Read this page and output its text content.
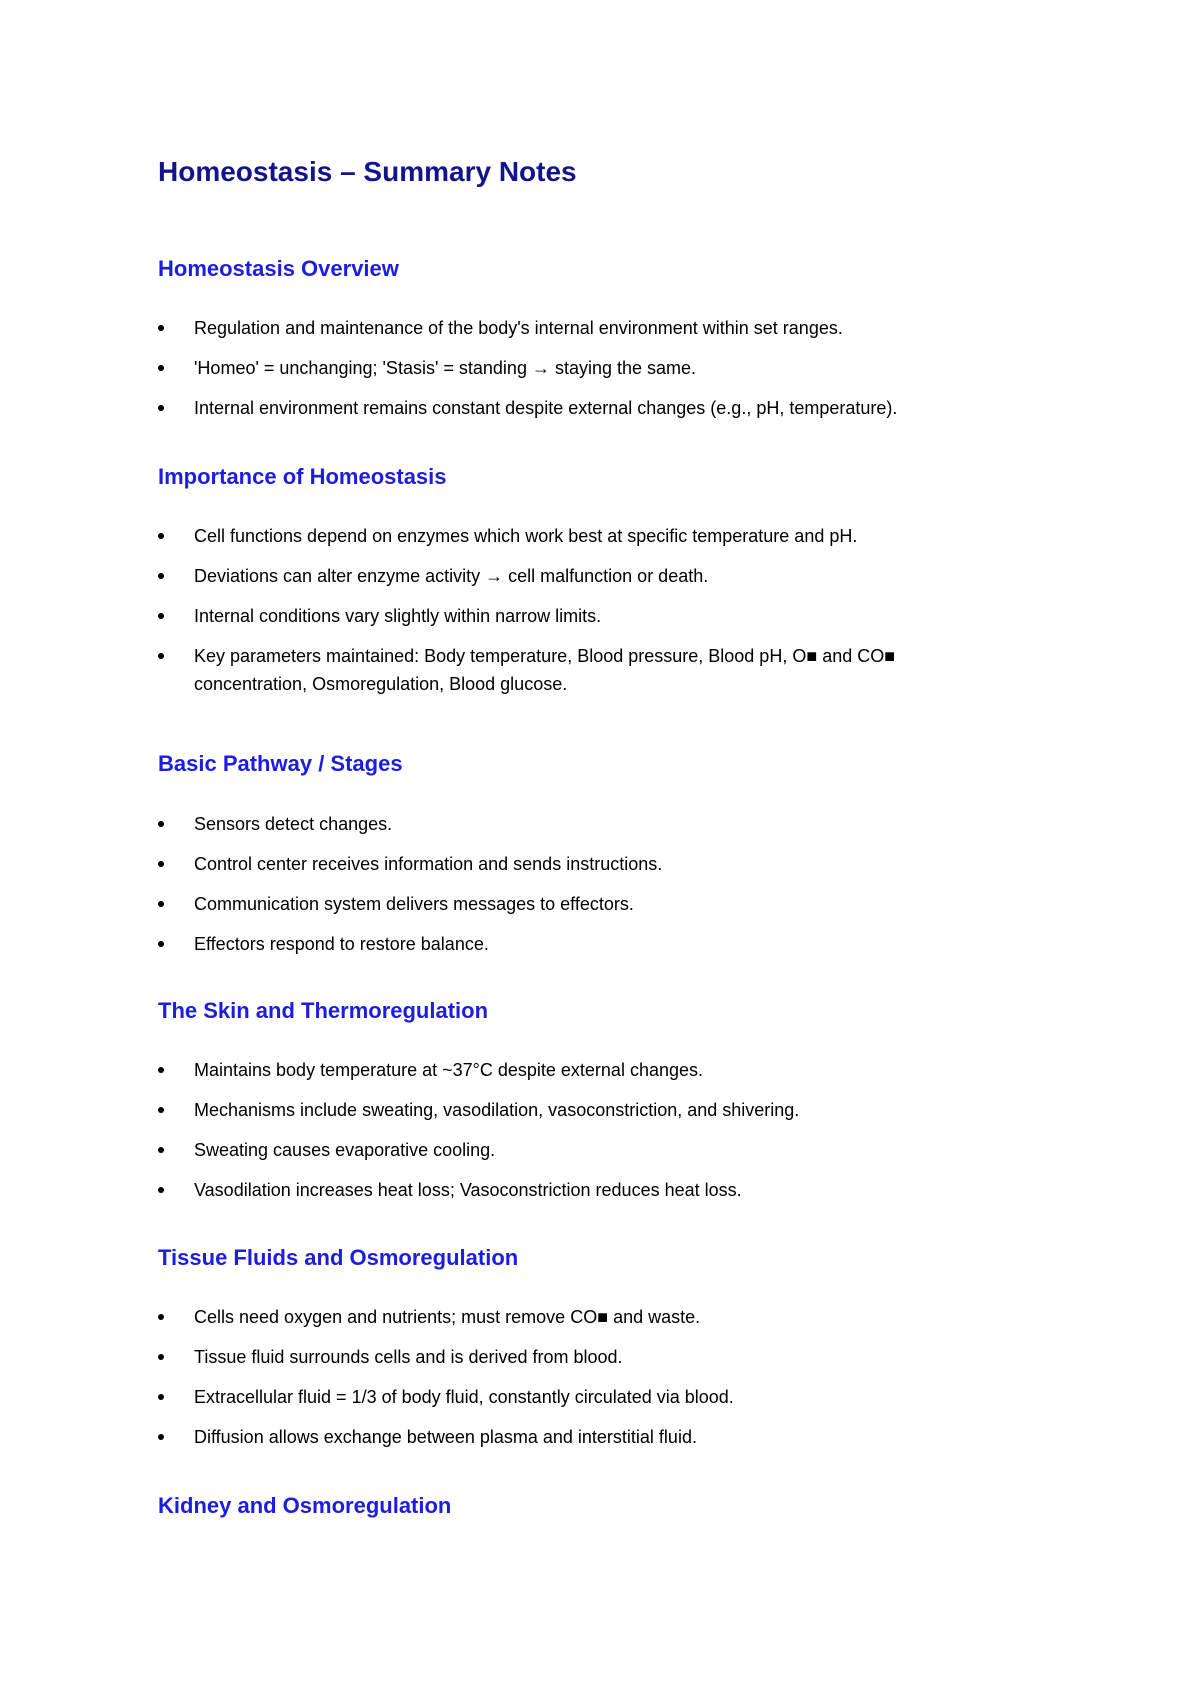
Homeostasis – Summary Notes
Homeostasis Overview
Regulation and maintenance of the body's internal environment within set ranges.
'Homeo' = unchanging; 'Stasis' = standing → staying the same.
Internal environment remains constant despite external changes (e.g., pH, temperature).
Importance of Homeostasis
Cell functions depend on enzymes which work best at specific temperature and pH.
Deviations can alter enzyme activity → cell malfunction or death.
Internal conditions vary slightly within narrow limits.
Key parameters maintained: Body temperature, Blood pressure, Blood pH, O■ and CO■ concentration, Osmoregulation, Blood glucose.
Basic Pathway / Stages
Sensors detect changes.
Control center receives information and sends instructions.
Communication system delivers messages to effectors.
Effectors respond to restore balance.
The Skin and Thermoregulation
Maintains body temperature at ~37°C despite external changes.
Mechanisms include sweating, vasodilation, vasoconstriction, and shivering.
Sweating causes evaporative cooling.
Vasodilation increases heat loss; Vasoconstriction reduces heat loss.
Tissue Fluids and Osmoregulation
Cells need oxygen and nutrients; must remove CO■ and waste.
Tissue fluid surrounds cells and is derived from blood.
Extracellular fluid = 1/3 of body fluid, constantly circulated via blood.
Diffusion allows exchange between plasma and interstitial fluid.
Kidney and Osmoregulation
